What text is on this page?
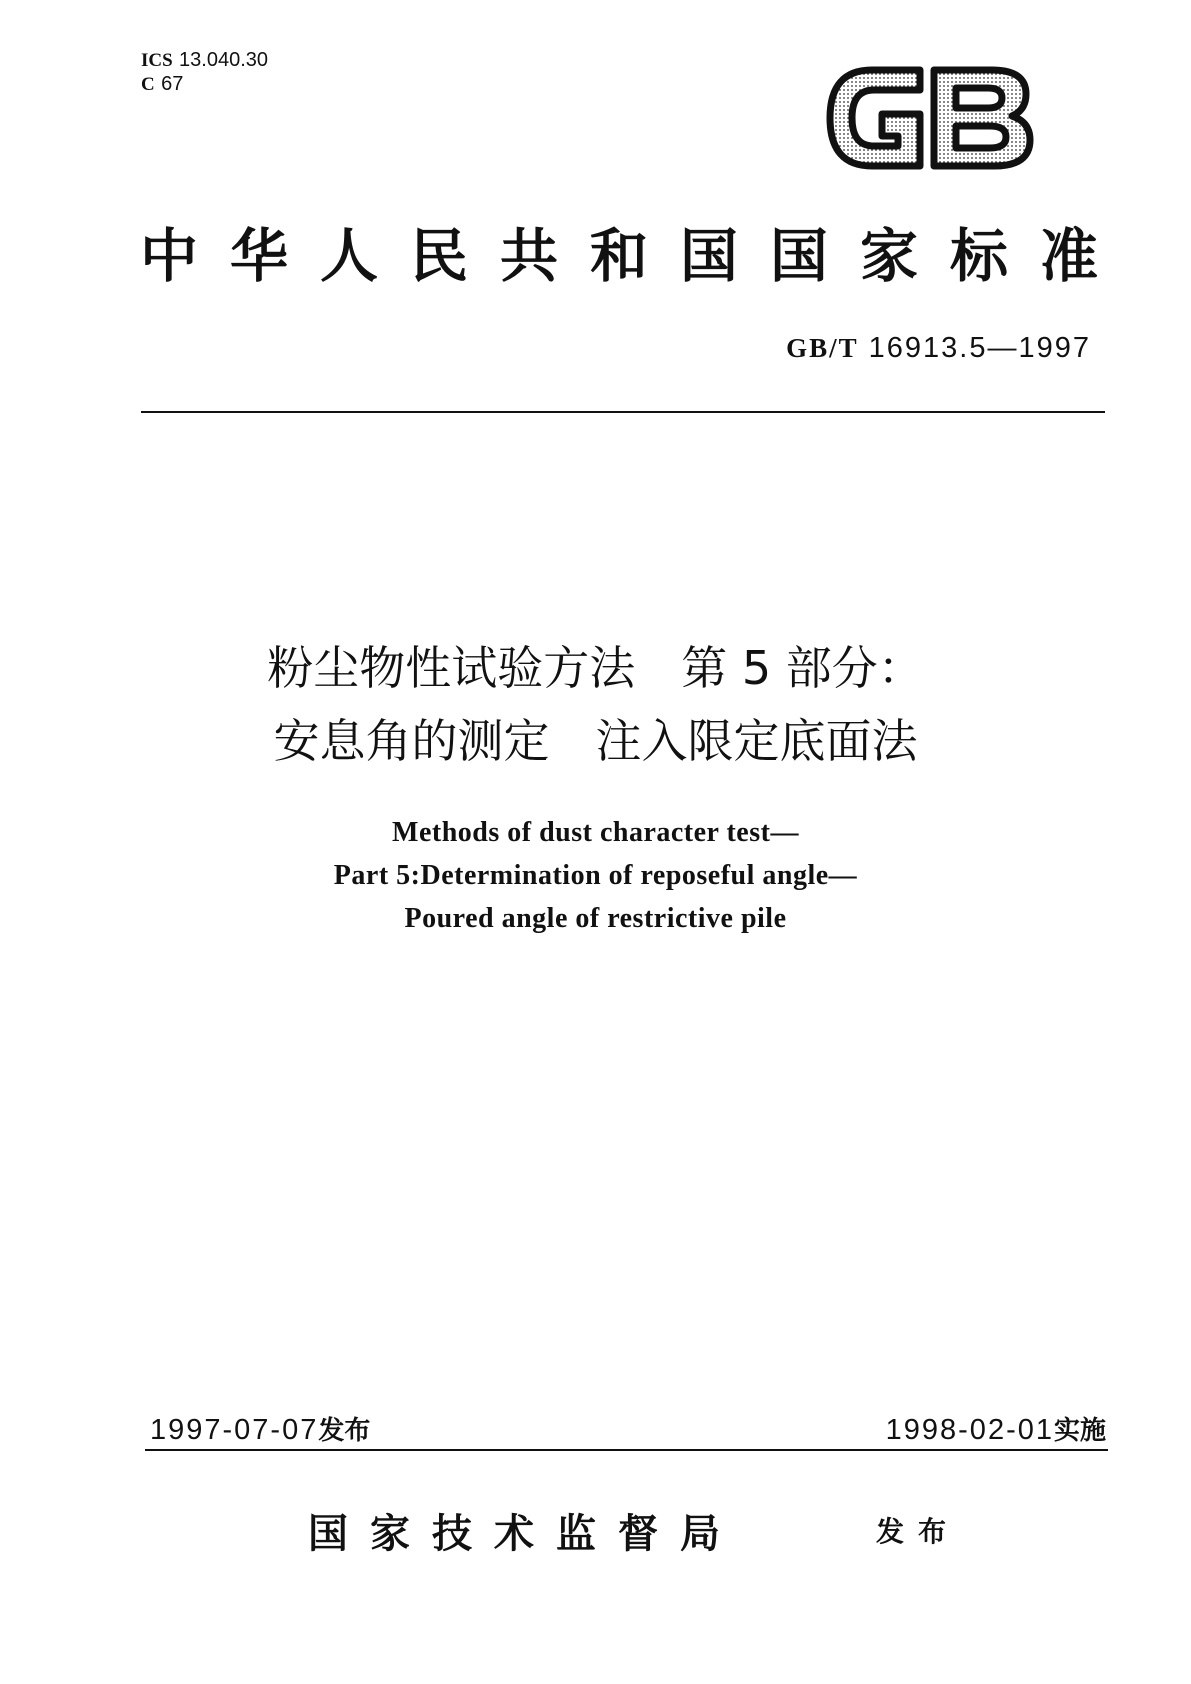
ICS 13.040.30
C 67
中华人民共和国国家标准
GB/T 16913.5—1997
粉尘物性试验方法　第 5 部分：
安息角的测定　注入限定底面法
Methods of dust character test—
Part 5:Determination of reposeful angle—
Poured angle of restrictive pile
1997-07-07发布	1998-02-01实施
国家技术监督局	发布
